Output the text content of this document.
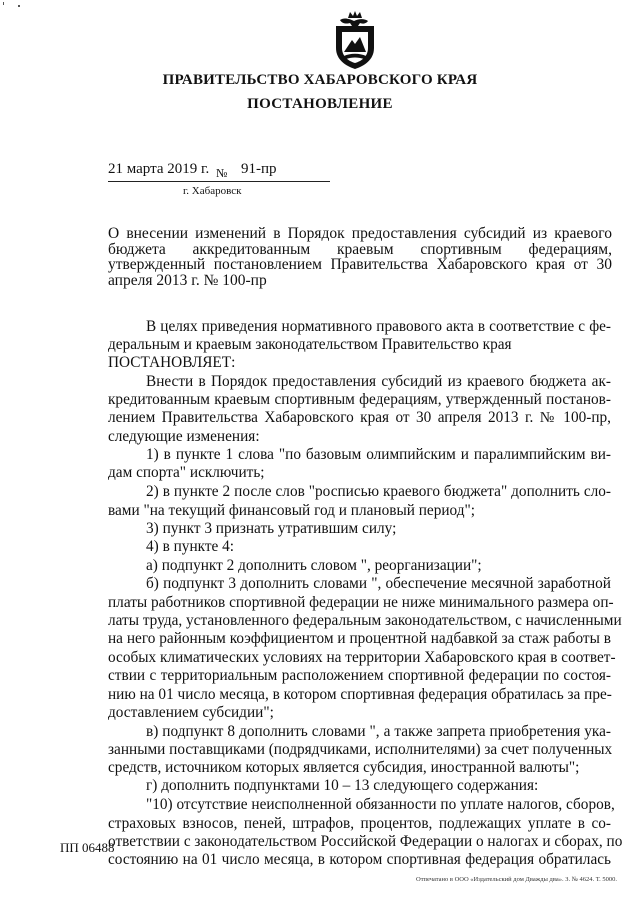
ПРАВИТЕЛЬСТВО ХАБАРОВСКОГО КРАЯ
ПОСТАНОВЛЕНИЕ
21 марта 2019 г. № 91-пр
г. Хабаровск
О внесении изменений в Порядок предоставления субсидий из краевого бюджета аккредитованным краевым спортивным федерациям, утвержденный постановлением Правительства Хабаровского края от 30 апреля 2013 г. № 100-пр
В целях приведения нормативного правового акта в соответствие с фе-
деральным и краевым законодательством Правительство края
ПОСТАНОВЛЯЕТ:
Внести в Порядок предоставления субсидий из краевого бюджета ак-
кредитованным краевым спортивным федерациям, утвержденный постанов-
лением Правительства Хабаровского края от 30 апреля 2013 г. № 100-пр,
следующие изменения:
1) в пункте 1 слова "по базовым олимпийским и паралимпийским ви-
дам спорта" исключить;
2) в пункте 2 после слов "росписью краевого бюджета" дополнить сло-
вами "на текущий финансовый год и плановый период";
3) пункт 3 признать утратившим силу;
4) в пункте 4:
а) подпункт 2 дополнить словом ", реорганизации";
б) подпункт 3 дополнить словами ", обеспечение месячной заработной
платы работников спортивной федерации не ниже минимального размера оп-
латы труда, установленного федеральным законодательством, с начисленными
на него районным коэффициентом и процентной надбавкой за стаж работы в
особых климатических условиях на территории Хабаровского края в соответ-
ствии с территориальным расположением спортивной федерации по состоя-
нию на 01 число месяца, в котором спортивная федерация обратилась за пре-
доставлением субсидии";
в) подпункт 8 дополнить словами ", а также запрета приобретения ука-
занными поставщиками (подрядчиками, исполнителями) за счет полученных
средств, источником которых является субсидия, иностранной валюты";
г) дополнить подпунктами 10 – 13 следующего содержания:
"10) отсутствие неисполненной обязанности по уплате налогов, сборов,
страховых взносов, пеней, штрафов, процентов, подлежащих уплате в со-
ответствии с законодательством Российской Федерации о налогах и сборах, по
состоянию на 01 число месяца, в котором спортивная федерация обратилась
ПП 06488
Отпечатано в ООО «Издательский дом Дважды два». З. № 4624. Т. 5000.
